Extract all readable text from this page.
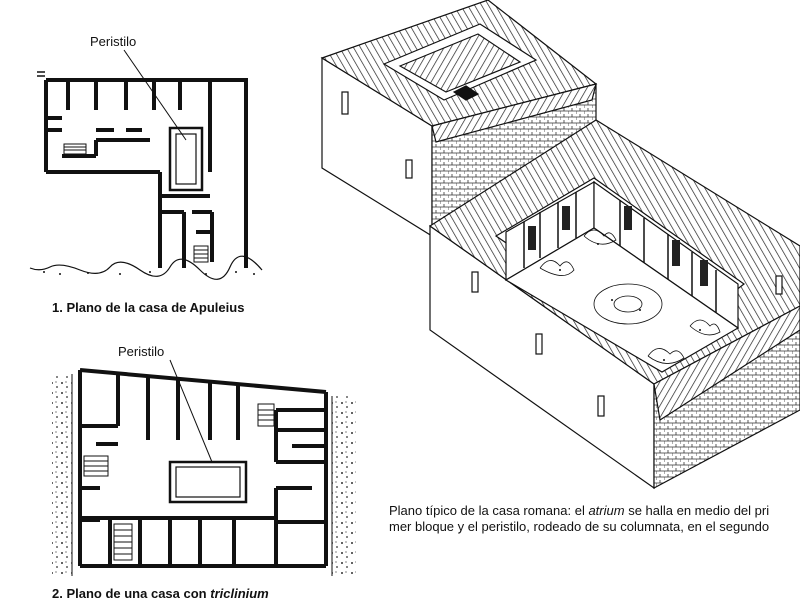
Peristilo
1. Plano de la casa de Apuleius
Peristilo
2. Plano de una casa con triclinium
Plano típico de la casa romana: el atrium se halla en medio del pri
mer bloque y el peristilo, rodeado de su columnata, en el segundo
